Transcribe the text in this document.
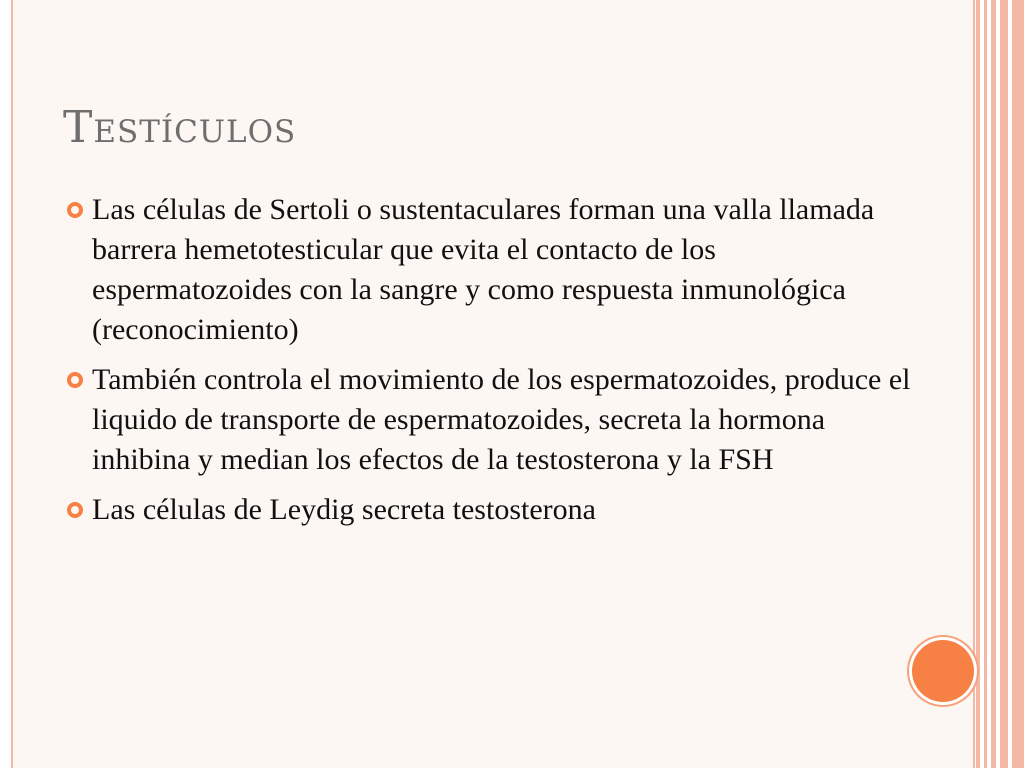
Testículos
Las células de Sertoli o sustentaculares forman una valla llamada barrera hemetotesticular que evita el contacto de los espermatozoides con la sangre y como respuesta inmunológica (reconocimiento)
También controla el movimiento de los espermatozoides, produce el liquido de transporte de espermatozoides, secreta la hormona inhibina y median los efectos de la testosterona y la FSH
Las células de Leydig secreta testosterona
